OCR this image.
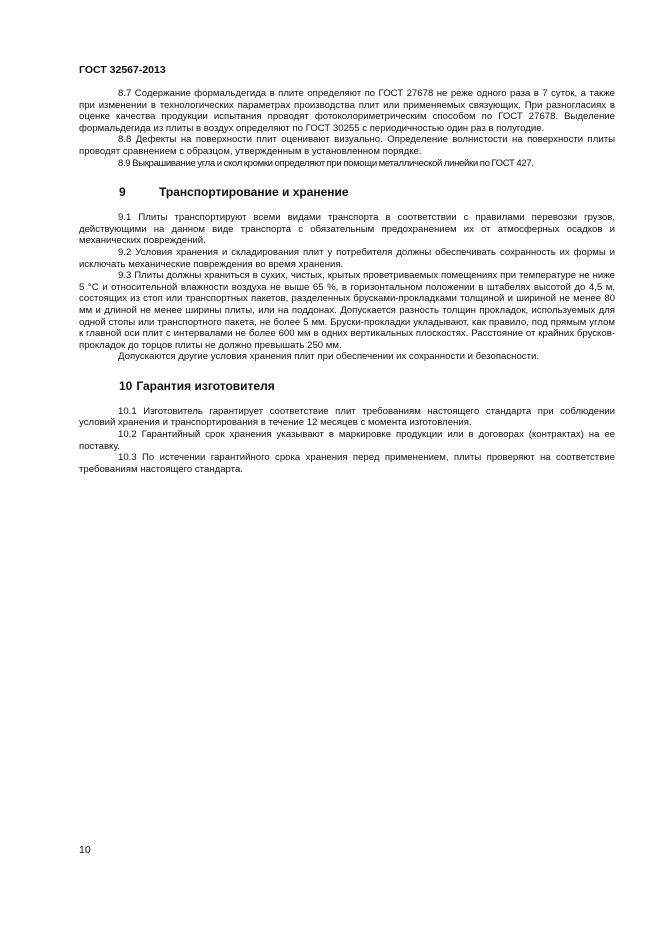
ГОСТ 32567-2013

8.7 Содержание формальдегида в плите определяют по ГОСТ 27678 не реже одного раза в 7 суток, а также при изменении в технологических параметрах производства плит или применяемых связующих. При разногласиях в оценке качества продукции испытания проводят фотоколориметрическим способом по ГОСТ 27678. Выделение формальдегида из плиты в воздух определяют по ГОСТ 30255 с периодичностью один раз в полугодие.

8.8 Дефекты на поверхности плит оценивают визуально. Определение волнистости на поверхности плиты проводят сравнением с образцом, утвержденным в установленном порядке.

8.9 Выкрашивание угла и скол кромки определяют при помощи металлической линейки по ГОСТ 427.

9	Транспортирование и хранение

9.1 Плиты транспортируют всеми видами транспорта в соответствии с правилами перевозки грузов, действующими на данном виде транспорта с обязательным предохранением их от атмосферных осадков и механических повреждений.

9.2 Условия хранения и складирования плит у потребителя должны обеспечивать сохранность их формы и исключать механические повреждения во время хранения.

9.3 Плиты должны храниться в сухих, чистых, крытых проветриваемых помещениях при температуре не ниже 5 °С и относительной влажности воздуха не выше 65 %, в горизонтальном положении в штабелях высотой до 4,5 м, состоящих из стоп или транспортных пакетов, разделенных брусками-прокладками толщиной и шириной не менее 80 мм и длиной не менее ширины плиты, или на поддонах. Допускается разность толщин прокладок, используемых для одной стопы или транспортного пакета, не более 5 мм. Бруски-прокладки укладывают, как правило, под прямым углом к главной оси плит с интервалами не более 600 мм в одних вертикальных плоскостях. Расстояние от крайних брусков-прокладок до торцов плиты не должно превышать 250 мм.

Допускаются другие условия хранения плит при обеспечении их сохранности и безопасности.

10 Гарантия изготовителя

10.1 Изготовитель гарантирует соответствие плит требованиям настоящего стандарта при соблюдении условий хранения и транспортирования в течение 12 месяцев с момента изготовления.

10.2 Гарантийный срок хранения указывают в маркировке продукции или в договорах (контрактах) на ее поставку.

10.3 По истечении гарантийного срока хранения перед применением, плиты проверяют на соответствие требованиям настоящего стандарта.

10
